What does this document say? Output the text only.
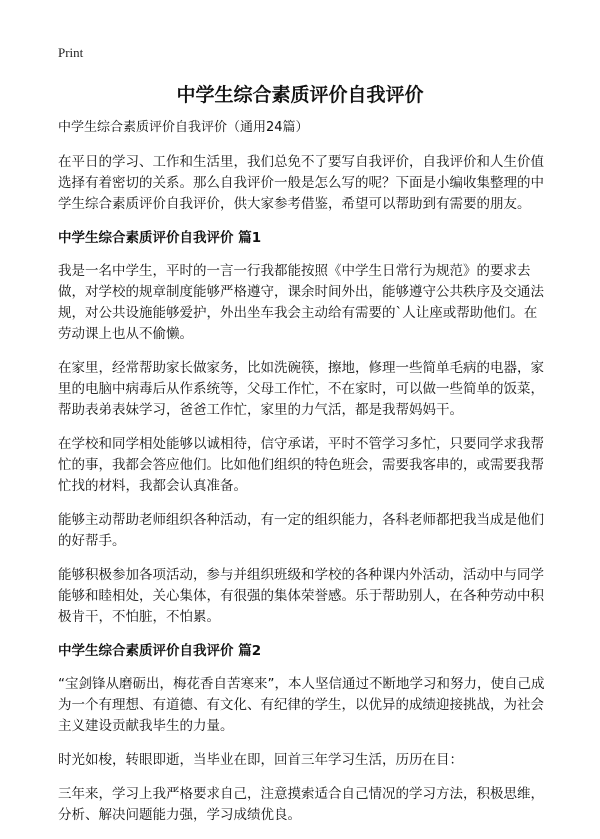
Print
中学生综合素质评价自我评价

中学生综合素质评价自我评价（通用24篇）

在平日的学习、工作和生活里，我们总免不了要写自我评价，自我评价和人生价值选择有着密切的关系。那么自我评价一般是怎么写的呢？下面是小编收集整理的中学生综合素质评价自我评价，供大家参考借鉴，希望可以帮助到有需要的朋友。

中学生综合素质评价自我评价 篇1

我是一名中学生，平时的一言一行我都能按照《中学生日常行为规范》的要求去做，对学校的规章制度能够严格遵守，课余时间外出，能够遵守公共秩序及交通法规，对公共设施能够爱护，外出坐车我会主动给有需要的`人让座或帮助他们。在劳动课上也从不偷懒。

在家里，经常帮助家长做家务，比如洗碗筷，擦地，修理一些简单毛病的电器，家里的电脑中病毒后从作系统等，父母工作忙，不在家时，可以做一些简单的饭菜，帮助表弟表妹学习，爸爸工作忙，家里的力气活，都是我帮妈妈干。

在学校和同学相处能够以诚相待，信守承诺，平时不管学习多忙，只要同学求我帮忙的事，我都会答应他们。比如他们组织的特色班会，需要我客串的，或需要我帮忙找的材料，我都会认真准备。

能够主动帮助老师组织各种活动，有一定的组织能力，各科老师都把我当成是他们的好帮手。

能够积极参加各项活动，参与并组织班级和学校的各种课内外活动，活动中与同学能够和睦相处，关心集体，有很强的集体荣誉感。乐于帮助别人，在各种劳动中积极肯干，不怕脏，不怕累。

中学生综合素质评价自我评价 篇2

“宝剑锋从磨砺出，梅花香自苦寒来”，本人坚信通过不断地学习和努力，使自己成为一个有理想、有道德、有文化、有纪律的学生，以优异的成绩迎接挑战，为社会主义建设贡献我毕生的力量。

时光如梭，转眼即逝，当毕业在即，回首三年学习生活，历历在目：

三年来，学习上我严格要求自己，注意摸索适合自己情况的学习方法，积极思维，分析、解决问题能力强，学习成绩优良。
